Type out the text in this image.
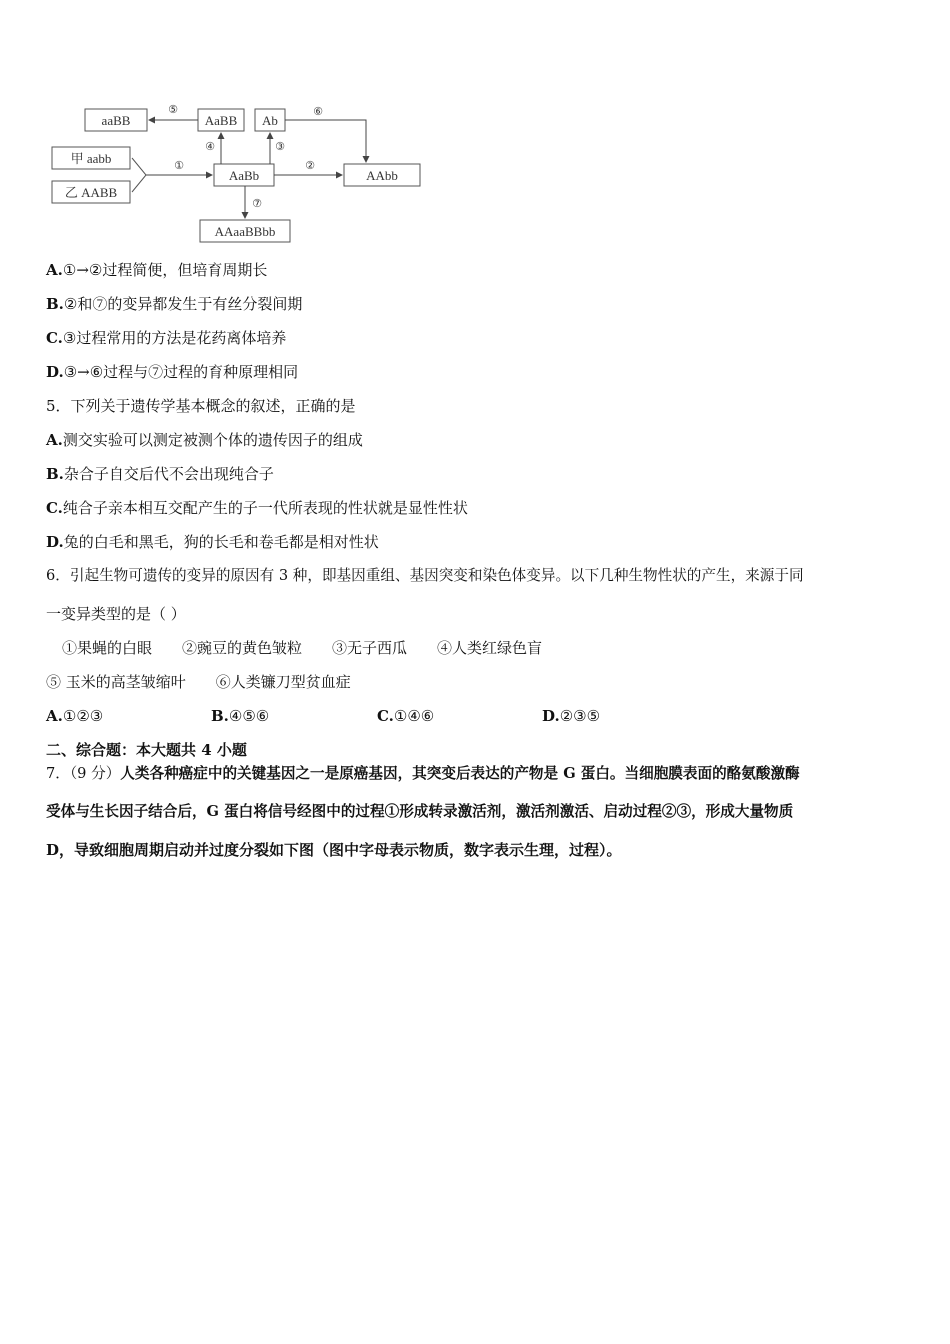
aaBB	AaBB Ab
甲 aabb
乙 AABB
AaBb	AAbb
AAaaBBbb
①	②
③
④
⑤	⑥
⑦
A.①→②过程简便，但培育周期长
B.②和⑦的变异都发生于有丝分裂间期
C.③过程常用的方法是花药离体培养
D.③→⑥过程与⑦过程的育种原理相同
5．下列关于遗传学基本概念的叙述，正确的是
A.测交实验可以测定被测个体的遗传因子的组成
B.杂合子自交后代不会出现纯合子
C.纯合子亲本相互交配产生的子一代所表现的性状就是显性性状
D.兔的白毛和黑毛，狗的长毛和卷毛都是相对性状
6．引起生物可遗传的变异的原因有 3 种，即基因重组、基因突变和染色体变异。以下几种生物性状的产生，来源于同
一变异类型的是（ ）
①果蝇的白眼　　②豌豆的黄色皱粒　　③无子西瓜　　④人类红绿色盲
⑤ 玉米的高茎皱缩叶　　⑥人类镰刀型贫血症
A.①②③	B.④⑤⑥	C.①④⑥	D.②③⑤
二、综合题：本大题共 4 小题
7．（9 分）人类各种癌症中的关键基因之一是原癌基因，其突变后表达的产物是 G 蛋白。当细胞膜表面的酪氨酸激酶
受体与生长因子结合后，G 蛋白将信号经图中的过程①形成转录激活剂，激活剂激活、启动过程②③，形成大量物质
D，导致细胞周期启动并过度分裂如下图（图中字母表示物质，数字表示生理，过程）。
